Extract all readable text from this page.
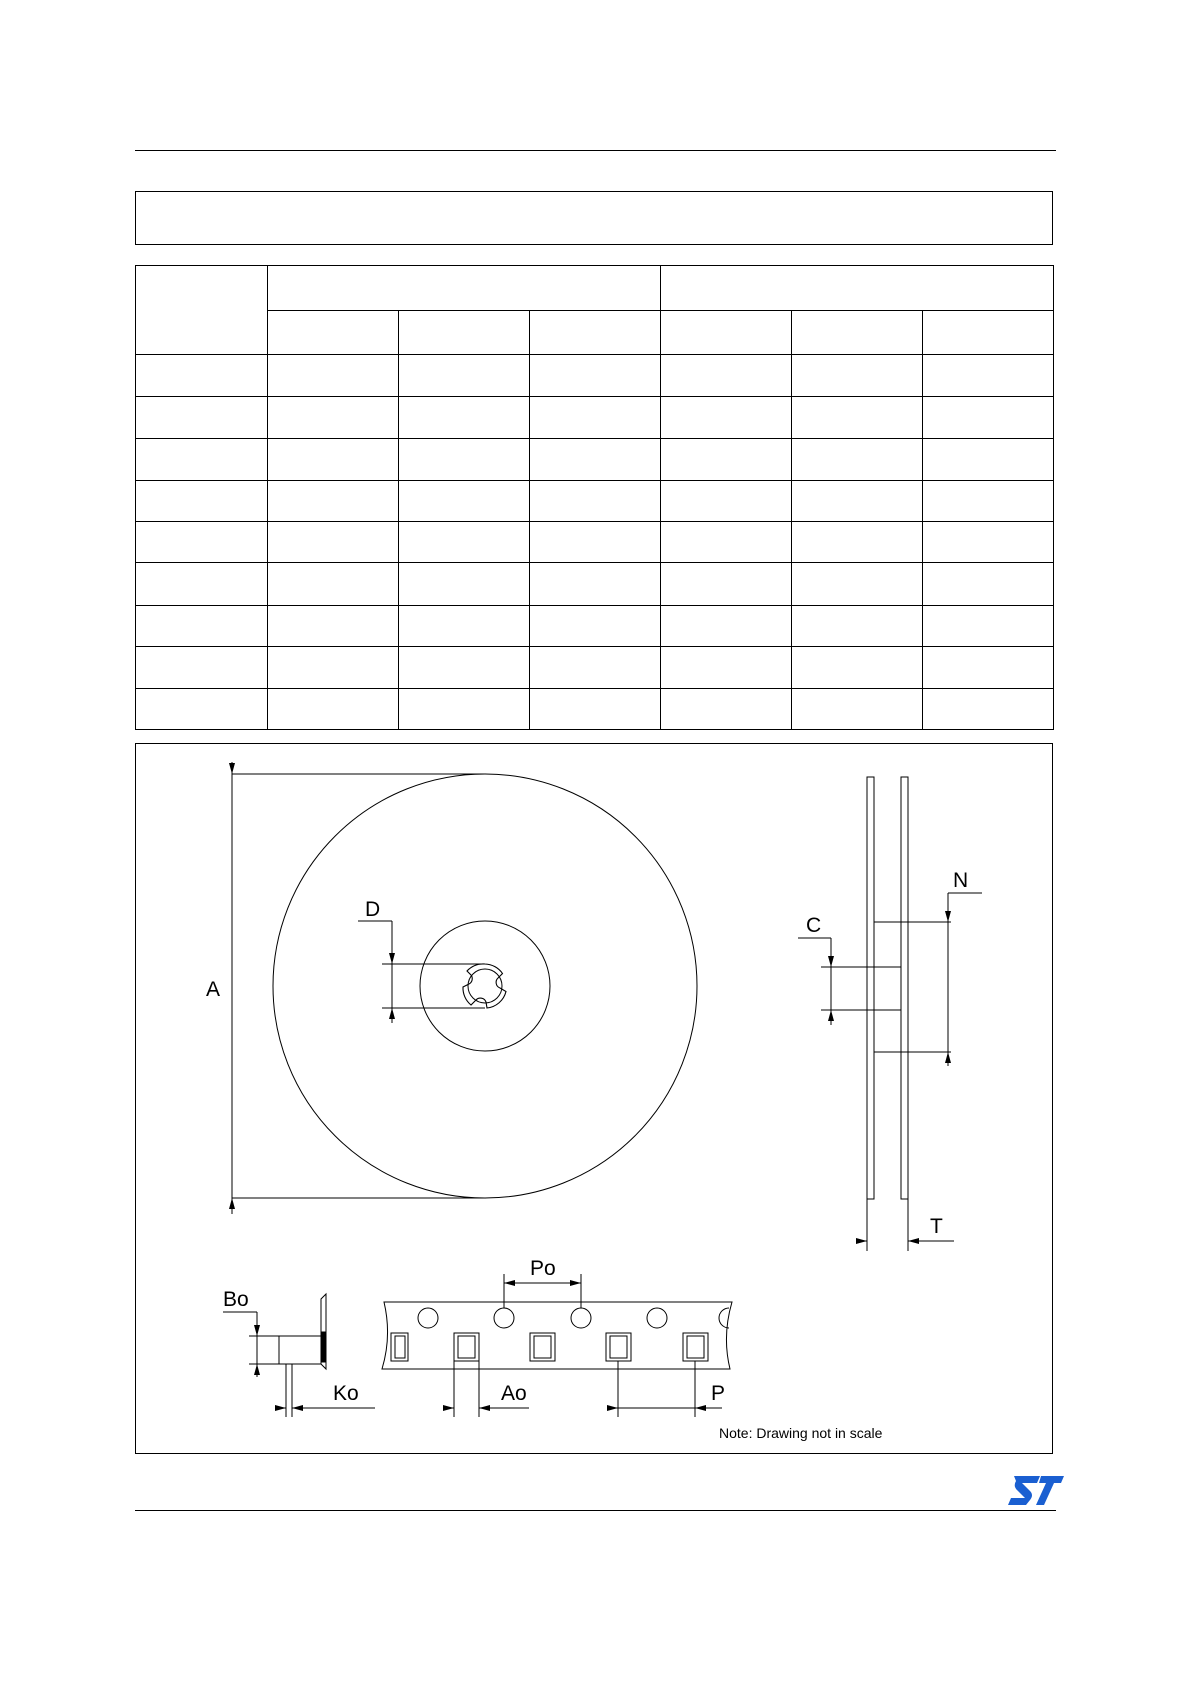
A
D
C
N
T
Po
Ao	P
Bo
Ko
Note: Drawing not in scale
